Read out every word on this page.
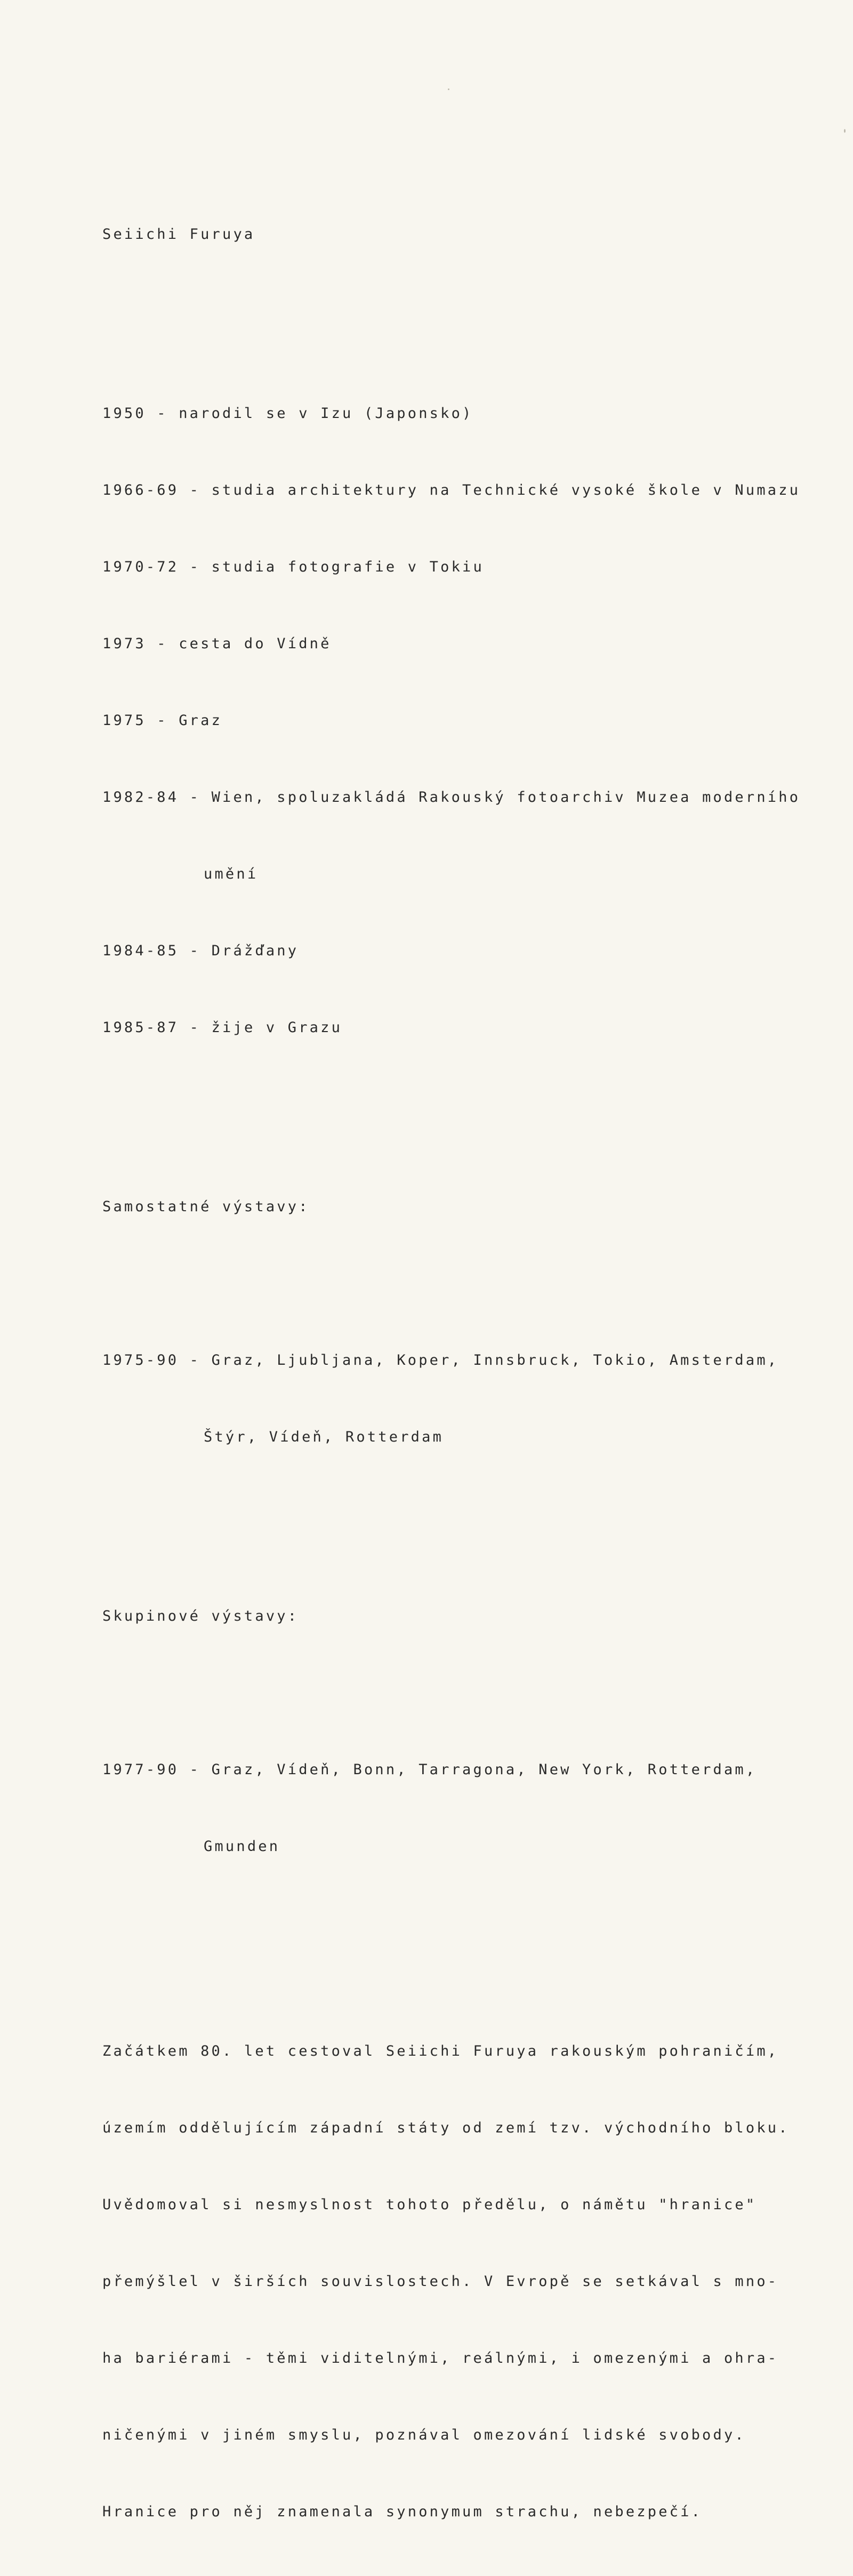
Seiichi Furuya

1950 - narodil se v Izu (Japonsko)

1966-69 - studia architektury na Technické vysoké škole v Numazu

1970-72 - studia fotografie v Tokiu

1973 - cesta do Vídně

1975 - Graz

1982-84 - Wien, spoluzakládá Rakouský fotoarchiv Muzea moderního

umění

1984-85 - Drážďany

1985-87 - žije v Grazu

Samostatné výstavy:

1975-90 - Graz, Ljubljana, Koper, Innsbruck, Tokio, Amsterdam,

Štýr, Vídeň, Rotterdam

Skupinové výstavy:

1977-90 - Graz, Vídeň, Bonn, Tarragona, New York, Rotterdam,

Gmunden

Začátkem 80. let cestoval Seiichi Furuya rakouským pohraničím,

územím oddělujícím západní státy od zemí tzv. východního bloku.

Uvědomoval si nesmyslnost tohoto předělu, o námětu "hranice"

přemýšlel v širších souvislostech. V Evropě se setkával s mno-

ha bariérami - těmi viditelnými, reálnými, i omezenými a ohra-

ničenými v jiném smyslu, poznával omezování lidské svobody.

Hranice pro něj znamenala synonymum strachu, nebezpečí.
